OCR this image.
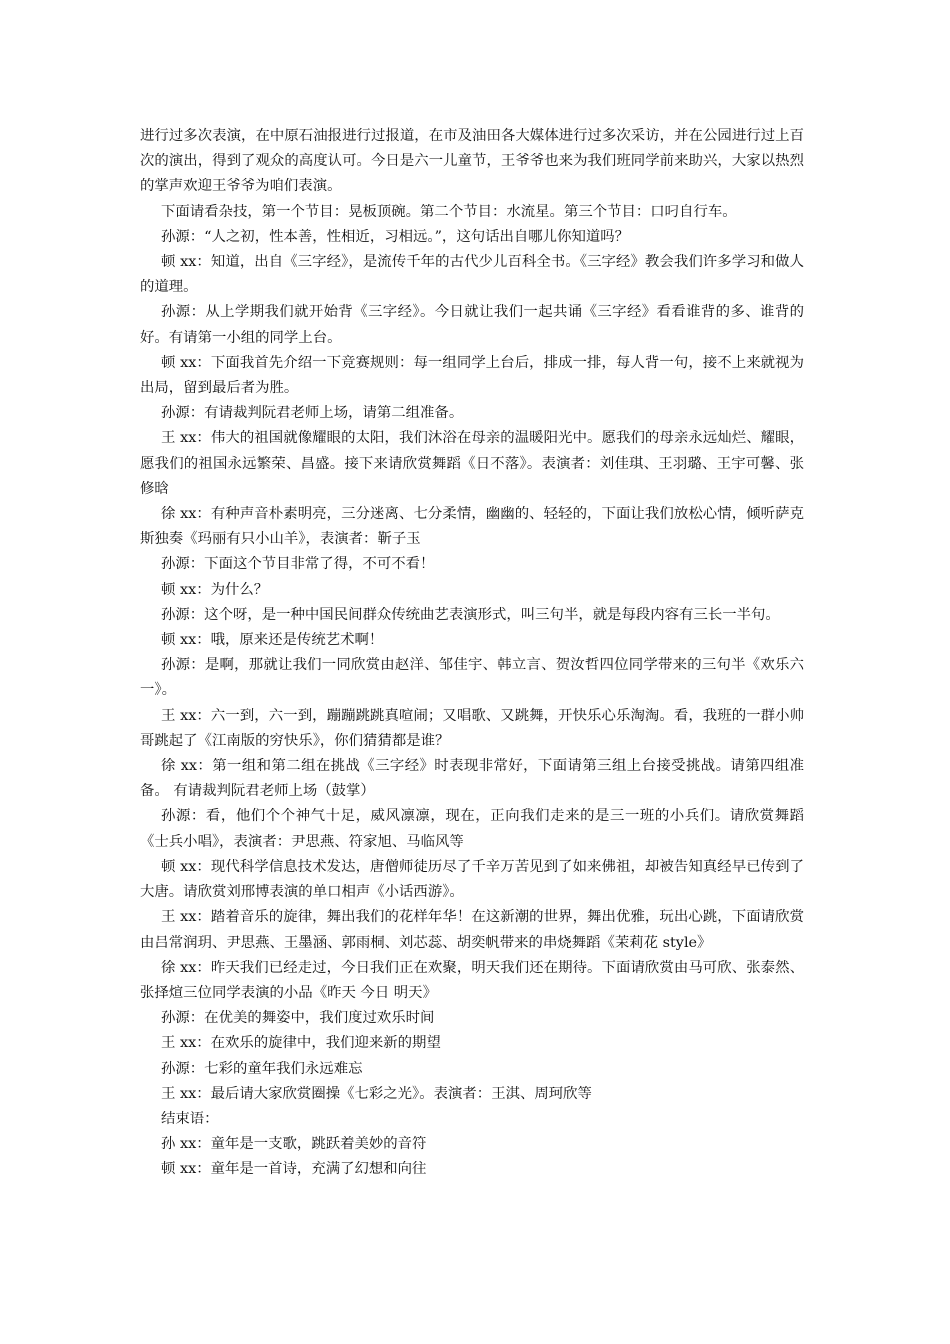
进行过多次表演，在中原石油报进行过报道，在市及油田各大媒体进行过多次采访，并在公园进行过上百次的演出，得到了观众的高度认可。今日是六一儿童节，王爷爷也来为我们班同学前来助兴，大家以热烈的掌声欢迎王爷爷为咱们表演。

下面请看杂技，第一个节目：晃板顶碗。第二个节目：水流星。第三个节目：口叼自行车。

孙源：“人之初，性本善，性相近，习相远。”，这句话出自哪儿你知道吗？

顿 xx：知道，出自《三字经》，是流传千年的古代少儿百科全书。《三字经》教会我们许多学习和做人的道理。

孙源：从上学期我们就开始背《三字经》。今日就让我们一起共诵《三字经》看看谁背的多、谁背的好。有请第一小组的同学上台。

顿 xx：下面我首先介绍一下竞赛规则：每一组同学上台后，排成一排，每人背一句，接不上来就视为出局，留到最后者为胜。

孙源：有请裁判阮君老师上场，请第二组准备。

王 xx：伟大的祖国就像耀眼的太阳，我们沐浴在母亲的温暖阳光中。愿我们的母亲永远灿烂、耀眼，愿我们的祖国永远繁荣、昌盛。接下来请欣赏舞蹈《日不落》。表演者：刘佳琪、王羽璐、王宇可馨、张修晗

徐 xx：有种声音朴素明亮，三分迷离、七分柔情，幽幽的、轻轻的，下面让我们放松心情，倾听萨克斯独奏《玛丽有只小山羊》，表演者：靳子玉

孙源：下面这个节目非常了得，不可不看！

顿 xx：为什么？

孙源：这个呀，是一种中国民间群众传统曲艺表演形式，叫三句半，就是每段内容有三长一半句。

顿 xx：哦，原来还是传统艺术啊！

孙源：是啊，那就让我们一同欣赏由赵洋、邹佳宇、韩立言、贺汝哲四位同学带来的三句半《欢乐六一》。

王 xx：六一到，六一到，蹦蹦跳跳真喧闹；又唱歌、又跳舞，开快乐心乐淘淘。看，我班的一群小帅哥跳起了《江南版的穷快乐》，你们猜猜都是谁？

徐 xx：第一组和第二组在挑战《三字经》时表现非常好，下面请第三组上台接受挑战。请第四组准备。 有请裁判阮君老师上场（鼓掌）

孙源：看，他们个个神气十足，威风凛凛，现在，正向我们走来的是三一班的小兵们。请欣赏舞蹈《士兵小唱》，表演者：尹思燕、符家旭、马临风等

顿 xx：现代科学信息技术发达，唐僧师徒历尽了千辛万苦见到了如来佛祖，却被告知真经早已传到了大唐。请欣赏刘邢博表演的单口相声《小话西游》。

王 xx：踏着音乐的旋律，舞出我们的花样年华！在这新潮的世界，舞出优雅，玩出心跳，下面请欣赏由吕常润玥、尹思燕、王墨涵、郭雨桐、刘芯蕊、胡奕帆带来的串烧舞蹈《茉莉花 style》

徐 xx：昨天我们已经走过，今日我们正在欢聚，明天我们还在期待。下面请欣赏由马可欣、张泰然、张择煊三位同学表演的小品《昨天 今日 明天》

孙源：在优美的舞姿中，我们度过欢乐时间

王 xx：在欢乐的旋律中，我们迎来新的期望

孙源：七彩的童年我们永远难忘

王 xx：最后请大家欣赏圈操《七彩之光》。表演者：王淇、周珂欣等

结束语：

孙 xx：童年是一支歌，跳跃着美妙的音符

顿 xx：童年是一首诗，充满了幻想和向往
